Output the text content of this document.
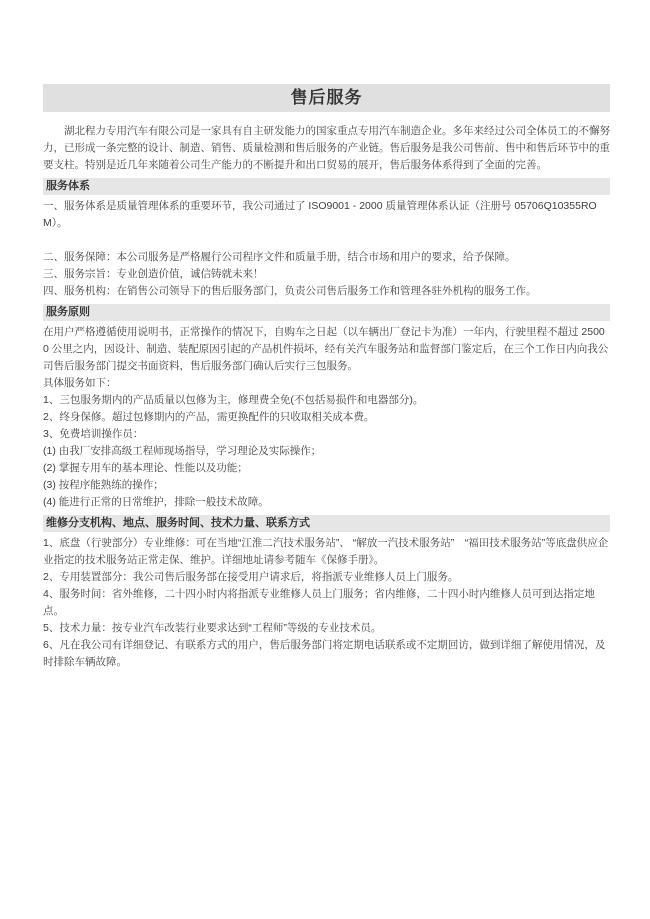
售后服务

湖北程力专用汽车有限公司是一家具有自主研发能力的国家重点专用汽车制造企业。多年来经过公司全体员工的不懈努力，已形成一条完整的设计、制造、销售、质量检测和售后服务的产业链。售后服务是我公司售前、售中和售后环节中的重要支柱。特别是近几年来随着公司生产能力的不断提升和出口贸易的展开，售后服务体系得到了全面的完善。

服务体系

一、服务体系是质量管理体系的重要环节，我公司通过了 ISO9001 - 2000 质量管理体系认证（注册号 05706Q10355ROM）。

二、服务保障：本公司服务是严格履行公司程序文件和质量手册，结合市场和用户的要求，给予保障。

三、服务宗旨：专业创造价值，诚信铸就未来！

四、服务机构：在销售公司领导下的售后服务部门，负责公司售后服务工作和管理各驻外机构的服务工作。

服务原则

在用户严格遵循使用说明书，正常操作的情况下，自购车之日起（以车辆出厂登记卡为准）一年内，行驶里程不超过 25000 公里之内，因设计、制造、装配原因引起的产品机件损坏，经有关汽车服务站和监督部门鉴定后，在三个工作日内向我公司售后服务部门提交书面资料，售后服务部门确认后实行三包服务。

具体服务如下：

1、三包服务期内的产品质量以包修为主，修理费全免(不包括易损件和电器部分)。

2、终身保修。超过包修期内的产品，需更换配件的只收取相关成本费。

3、免费培训操作员：

(1) 由我厂安排高级工程师现场指导，学习理论及实际操作；

(2) 掌握专用车的基本理论、性能以及功能；

(3) 按程序能熟练的操作；

(4) 能进行正常的日常维护，排除一般技术故障。

维修分支机构、地点、服务时间、技术力量、联系方式

1、底盘（行驶部分）专业维修：可在当地“江淮二汽技术服务站”、 “解放一汽技术服务站”　“福田技术服务站”等底盘供应企业指定的技术服务站正常走保、维护。详细地址请参考随车《保修手册》。

2、专用装置部分：我公司售后服务部在接受用户请求后，将指派专业维修人员上门服务。

4、服务时间：省外维修，二十四小时内将指派专业维修人员上门服务；省内维修，二十四小时内维修人员可到达指定地点。

5、技术力量：按专业汽车改装行业要求达到“工程师”等级的专业技术员。

6、凡在我公司有详细登记、有联系方式的用户，售后服务部门将定期电话联系或不定期回访，做到详细了解使用情况，及时排除车辆故障。
